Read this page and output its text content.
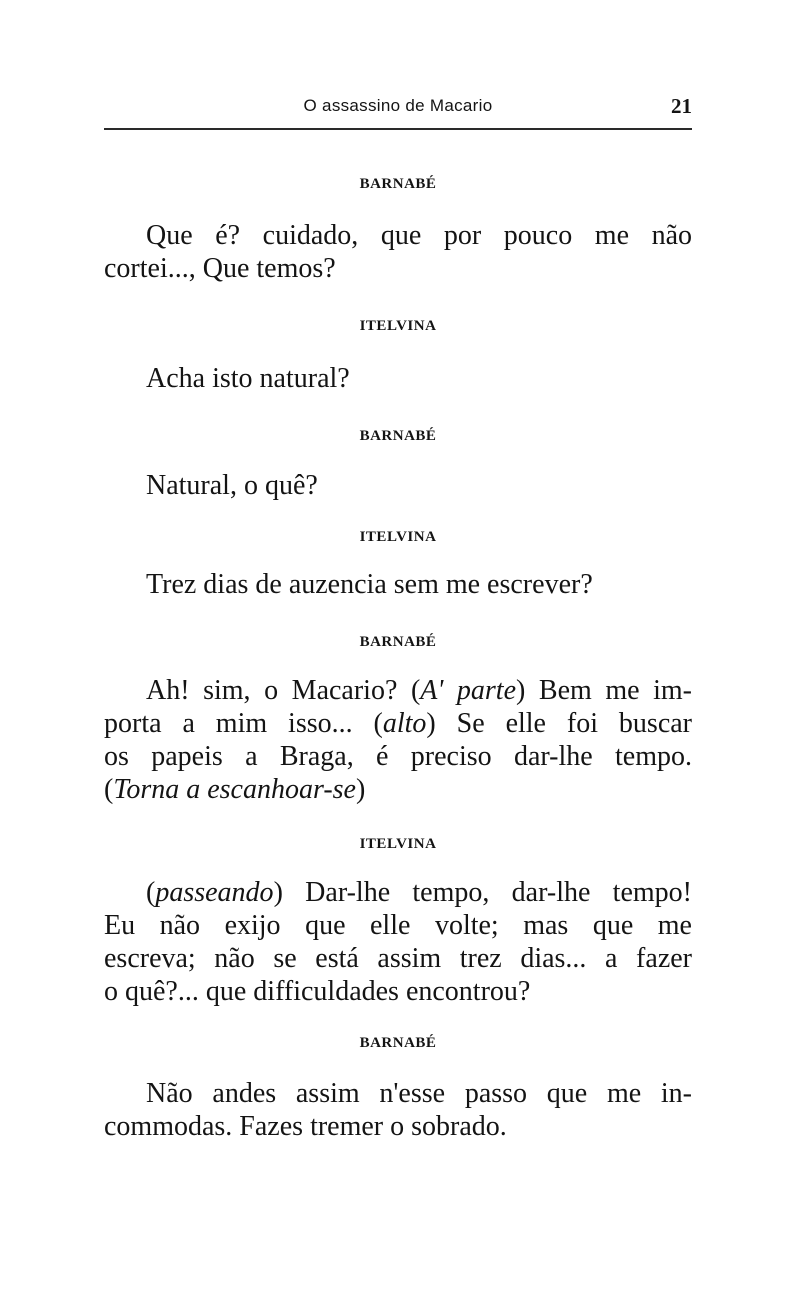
O assassino de Macario	21
BARNABÉ

Que é? cuidado, que por pouco me não
cortei..., Que temos?

ITELVINA

Acha isto natural?

BARNABÉ

Natural, o quê?

ITELVINA

Trez dias de auzencia sem me escrever?

BARNABÉ

Ah! sim, o Macario? (A' parte) Bem me im-
porta a mim isso... (alto) Se elle foi buscar
os papeis a Braga, é preciso dar-lhe tempo.
(Torna a escanhoar-se)

ITELVINA

(passeando) Dar-lhe tempo, dar-lhe tempo!
Eu não exijo que elle volte; mas que me
escreva; não se está assim trez dias... a fazer
o quê?... que difficuldades encontrou?

BARNABÉ

Não andes assim n'esse passo que me in-
commodas. Fazes tremer o sobrado.
